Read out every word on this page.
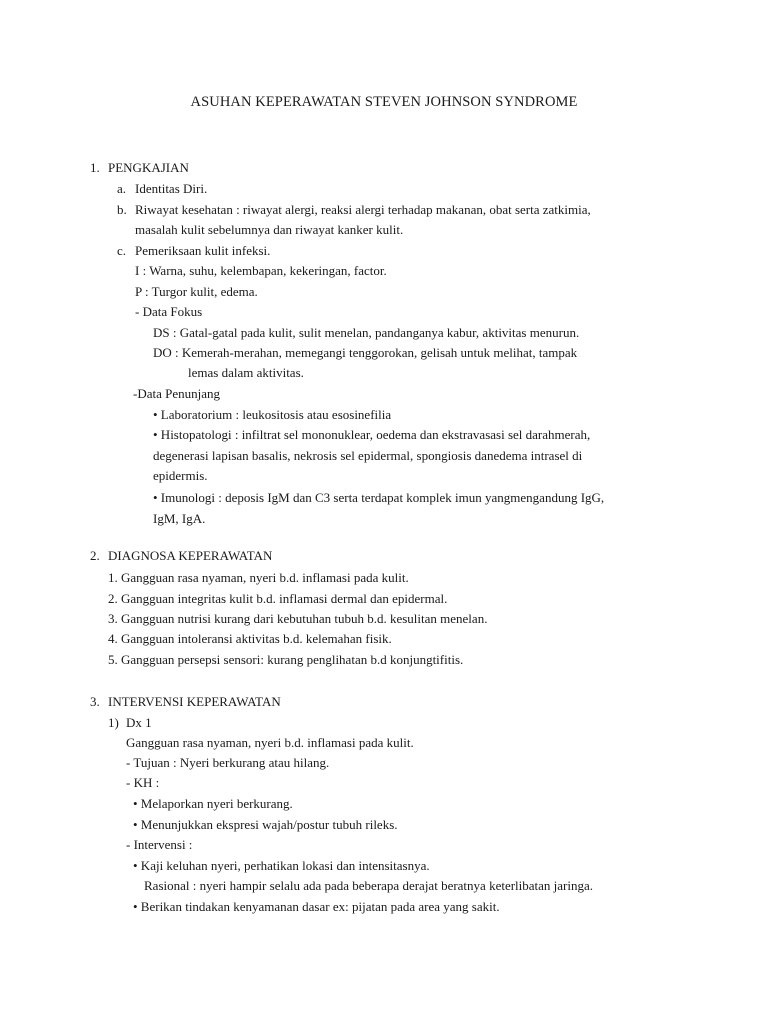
ASUHAN KEPERAWATAN STEVEN JOHNSON SYNDROME
1. PENGKAJIAN
a. Identitas Diri.
b. Riwayat kesehatan : riwayat alergi, reaksi alergi terhadap makanan, obat serta zatkimia,
masalah kulit sebelumnya dan riwayat kanker kulit.
c. Pemeriksaan kulit infeksi.
I : Warna, suhu, kelembapan, kekeringan, factor.
P : Turgor kulit, edema.
- Data Fokus
DS : Gatal-gatal pada kulit, sulit menelan, pandanganya kabur, aktivitas menurun.
DO : Kemerah-merahan, memegangi tenggorokan, gelisah untuk melihat, tampak
lemas dalam aktivitas.
-Data Penunjang
• Laboratorium : leukositosis atau esosinefilia
• Histopatologi : infiltrat sel mononuklear, oedema dan ekstravasasi sel darahmerah,
degenerasi lapisan basalis, nekrosis sel epidermal, spongiosis danedema intrasel di
epidermis.
• Imunologi : deposis IgM dan C3 serta terdapat komplek imun yangmengandung IgG,
IgM, IgA.
2. DIAGNOSA KEPERAWATAN
1. Gangguan rasa nyaman, nyeri b.d. inflamasi pada kulit.
2. Gangguan integritas kulit b.d. inflamasi dermal dan epidermal.
3. Gangguan nutrisi kurang dari kebutuhan tubuh b.d. kesulitan menelan.
4. Gangguan intoleransi aktivitas b.d. kelemahan fisik.
5. Gangguan persepsi sensori: kurang penglihatan b.d konjungtifitis.
3. INTERVENSI KEPERAWATAN
1) Dx 1
Gangguan rasa nyaman, nyeri b.d. inflamasi pada kulit.
- Tujuan : Nyeri berkurang atau hilang.
- KH :
• Melaporkan nyeri berkurang.
• Menunjukkan ekspresi wajah/postur tubuh rileks.
- Intervensi :
• Kaji keluhan nyeri, perhatikan lokasi dan intensitasnya.
Rasional : nyeri hampir selalu ada pada beberapa derajat beratnya keterlibatan jaringa.
• Berikan tindakan kenyamanan dasar ex: pijatan pada area yang sakit.
